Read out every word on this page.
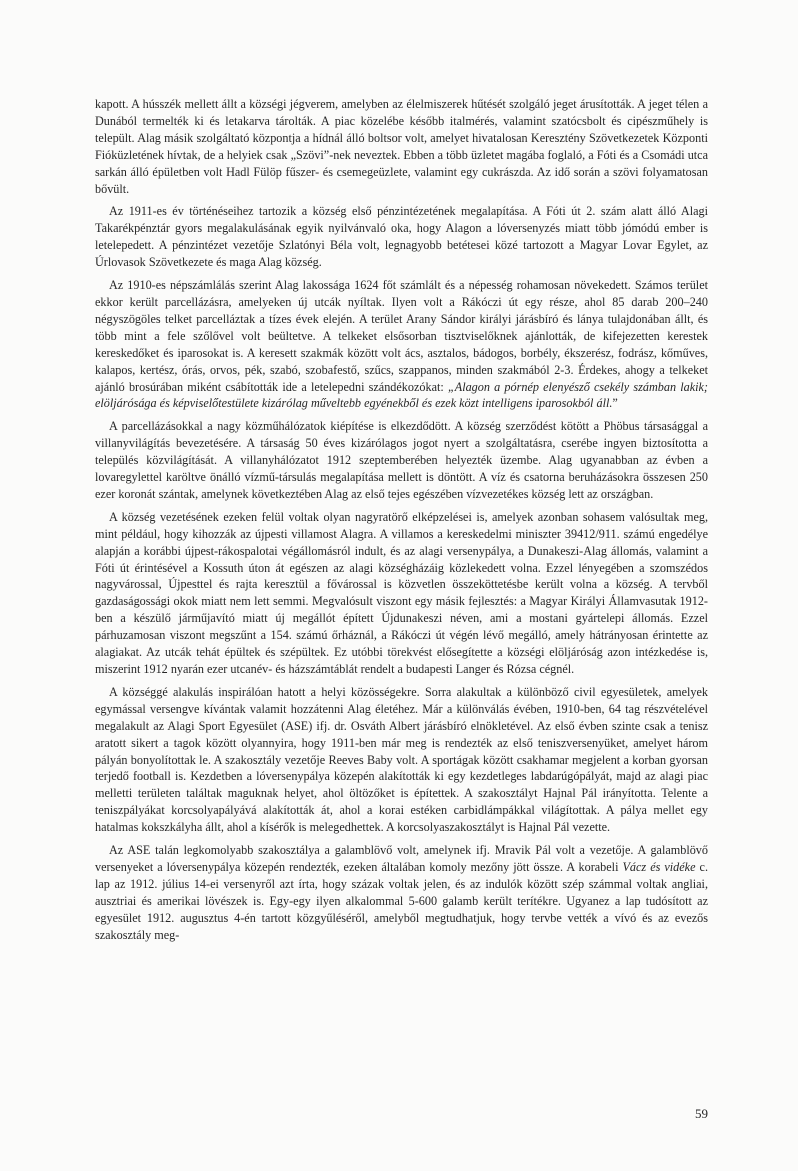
kapott. A hússzék mellett állt a községi jégverem, amelyben az élelmiszerek hűtését szolgáló jeget árusították. A jeget télen a Dunából termelték ki és letakarva tárolták. A piac közelébe később italmérés, valamint szatócsbolt és cipészműhely is települt. Alag másik szolgáltató központja a hídnál álló boltsor volt, amelyet hivatalosan Keresztény Szövetkezetek Központi Fióküzletének hívtak, de a helyiek csak „Szövi”-nek neveztek. Ebben a több üzletet magába foglaló, a Fóti és a Csomádi utca sarkán álló épületben volt Hadl Fülöp fűszer- és csemegeüzlete, valamint egy cukrászda. Az idő során a szövi folyamatosan bővült.

Az 1911-es év történéseihez tartozik a község első pénzintézetének megalapítása. A Fóti út 2. szám alatt álló Alagi Takarékpénztár gyors megalakulásának egyik nyilvánvaló oka, hogy Alagon a lóversenyzés miatt több jómódú ember is letelepedett. A pénzintézet vezetője Szlatónyi Béla volt, legnagyobb betétesei közé tartozott a Magyar Lovar Egylet, az Úrlovasok Szövetkezete és maga Alag község.

Az 1910-es népszámlálás szerint Alag lakossága 1624 főt számlált és a népesség rohamosan növekedett. Számos terület ekkor került parcellázásra, amelyeken új utcák nyíltak. Ilyen volt a Rákóczi út egy része, ahol 85 darab 200–240 négyszögöles telket parcelláztak a tízes évek elején. A terület Arany Sándor királyi járásbíró és lánya tulajdonában állt, és több mint a fele szőlővel volt beültetve. A telkeket elsősorban tisztviselőknek ajánlották, de kifejezetten kerestek kereskedőket és iparosokat is. A keresett szakmák között volt ács, asztalos, bádogos, borbély, ékszerész, fodrász, kőműves, kalapos, kertész, órás, orvos, pék, szabó, szobafestő, szűcs, szappanos, minden szakmából 2-3. Érdekes, ahogy a telkeket ajánló brosúrában miként csábították ide a letelepedni szándékozókat: „Alagon a pórnép elenyésző csekély számban lakik; elöljárósága és képviselőtestülete kizárólag műveltebb egyénekből és ezek közt intelligens iparosokból áll.”

A parcellázásokkal a nagy közműhálózatok kiépítése is elkezdődött. A község szerződést kötött a Phöbus társasággal a villanyvilágítás bevezetésére. A társaság 50 éves kizárólagos jogot nyert a szolgáltatásra, cserébe ingyen biztosította a település közvilágítását. A villanyhálózatot 1912 szeptemberében helyezték üzembe. Alag ugyanabban az évben a lovaregylettel karöltve önálló vízmű-társulás megalapítása mellett is döntött. A víz és csatorna beruházásokra összesen 250 ezer koronát szántak, amelynek következtében Alag az első tejes egészében vízvezetékes község lett az országban.

A község vezetésének ezeken felül voltak olyan nagyratörő elképzelései is, amelyek azonban sohasem valósultak meg, mint például, hogy kihozzák az újpesti villamost Alagra. A villamos a kereskedelmi miniszter 39412/911. számú engedélye alapján a korábbi újpest-rákospalotai végállomásról indult, és az alagi versenypálya, a Dunakeszi-Alag állomás, valamint a Fóti út érintésével a Kossuth úton át egészen az alagi községházáig közlekedett volna. Ezzel lényegében a szomszédos nagyvárossal, Újpesttel és rajta keresztül a fővárossal is közvetlen összeköttetésbe került volna a község. A tervből gazdaságossági okok miatt nem lett semmi. Megvalósult viszont egy másik fejlesztés: a Magyar Királyi Államvasutak 1912-ben a készülő járműjavító miatt új megállót épített Újdunakeszi néven, ami a mostani gyártelepi állomás. Ezzel párhuzamosan viszont megszűnt a 154. számú őrháznál, a Rákóczi út végén lévő megálló, amely hátrányosan érintette az alagiakat. Az utcák tehát épültek és szépültek. Ez utóbbi törekvést elősegítette a községi elöljáróság azon intézkedése is, miszerint 1912 nyarán ezer utcanév- és házszámtáblát rendelt a budapesti Langer és Rózsa cégnél.

A községgé alakulás inspirálóan hatott a helyi közösségekre. Sorra alakultak a különböző civil egyesületek, amelyek egymással versengve kívántak valamit hozzátenni Alag életéhez. Már a különválás évében, 1910-ben, 64 tag részvételével megalakult az Alagi Sport Egyesület (ASE) ifj. dr. Osváth Albert járásbíró elnökletével. Az első évben szinte csak a tenisz aratott sikert a tagok között olyannyira, hogy 1911-ben már meg is rendezték az első teniszversenyüket, amelyet három pályán bonyolítottak le. A szakosztály vezetője Reeves Baby volt. A sportágak között csakhamar megjelent a korban gyorsan terjedő football is. Kezdetben a lóversenypálya közepén alakították ki egy kezdetleges labdarúgópályát, majd az alagi piac melletti területen találtak maguknak helyet, ahol öltözőket is építettek. A szakosztályt Hajnal Pál irányította. Telente a teniszpályákat korcsolyapályává alakították át, ahol a korai estéken carbidlámpákkal világítottak. A pálya mellet egy hatalmas kokszkályha állt, ahol a kísérők is melegedhettek. A korcsolyaszakosztályt is Hajnal Pál vezette.

Az ASE talán legkomolyabb szakosztálya a galamblövő volt, amelynek ifj. Mravik Pál volt a vezetője. A galamblövő versenyeket a lóversenypálya közepén rendezték, ezeken általában komoly mezőny jött össze. A korabeli Vácz és vidéke c. lap az 1912. július 14-ei versenyről azt írta, hogy százak voltak jelen, és az indulók között szép számmal voltak angliai, ausztriai és amerikai lövészek is. Egy-egy ilyen alkalommal 5-600 galamb került terítékre. Ugyanez a lap tudósított az egyesület 1912. augusztus 4-én tartott közgyűléséről, amelyből megtudhatjuk, hogy tervbe vették a vívó és az evezős szakosztály meg-

59
